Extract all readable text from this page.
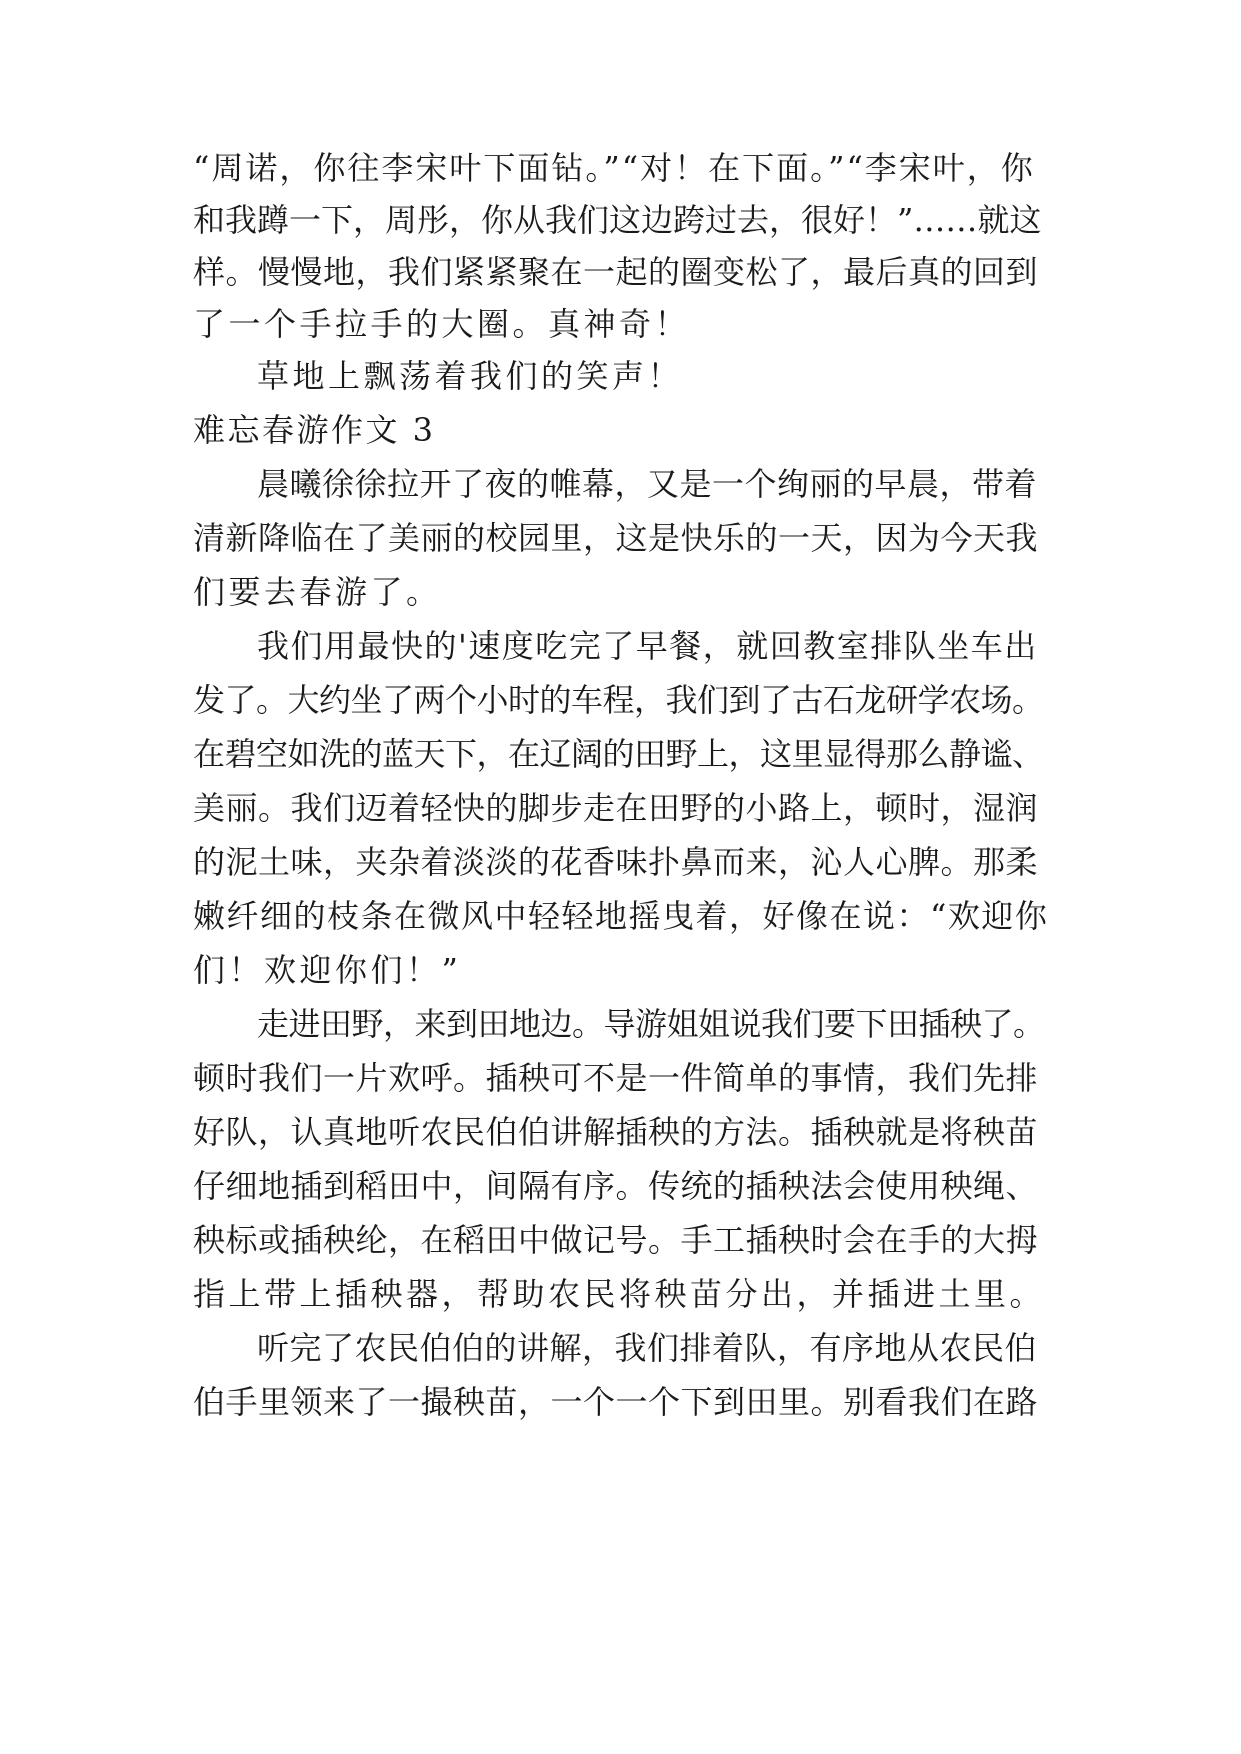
“周诺，你往李宋叶下面钻。”“对！在下面。”“李宋叶，你
和我蹲一下，周彤，你从我们这边跨过去，很好！”……就这
样。慢慢地，我们紧紧聚在一起的圈变松了，最后真的回到
了一个手拉手的大圈。真神奇！
草地上飘荡着我们的笑声！
难忘春游作文 3
晨曦徐徐拉开了夜的帷幕，又是一个绚丽的早晨，带着
清新降临在了美丽的校园里，这是快乐的一天，因为今天我
们要去春游了。
我们用最快的'速度吃完了早餐，就回教室排队坐车出
发了。大约坐了两个小时的车程，我们到了古石龙研学农场。
在碧空如洗的蓝天下，在辽阔的田野上，这里显得那么静谧、
美丽。我们迈着轻快的脚步走在田野的小路上，顿时，湿润
的泥土味，夹杂着淡淡的花香味扑鼻而来，沁人心脾。那柔
嫩纤细的枝条在微风中轻轻地摇曳着，好像在说：“欢迎你
们！欢迎你们！”
走进田野，来到田地边。导游姐姐说我们要下田插秧了。
顿时我们一片欢呼。插秧可不是一件简单的事情，我们先排
好队，认真地听农民伯伯讲解插秧的方法。插秧就是将秧苗
仔细地插到稻田中，间隔有序。传统的插秧法会使用秧绳、
秧标或插秧纶，在稻田中做记号。手工插秧时会在手的大拇
指上带上插秧器，帮助农民将秧苗分出，并插进土里。
听完了农民伯伯的讲解，我们排着队，有序地从农民伯
伯手里领来了一撮秧苗，一个一个下到田里。别看我们在路
